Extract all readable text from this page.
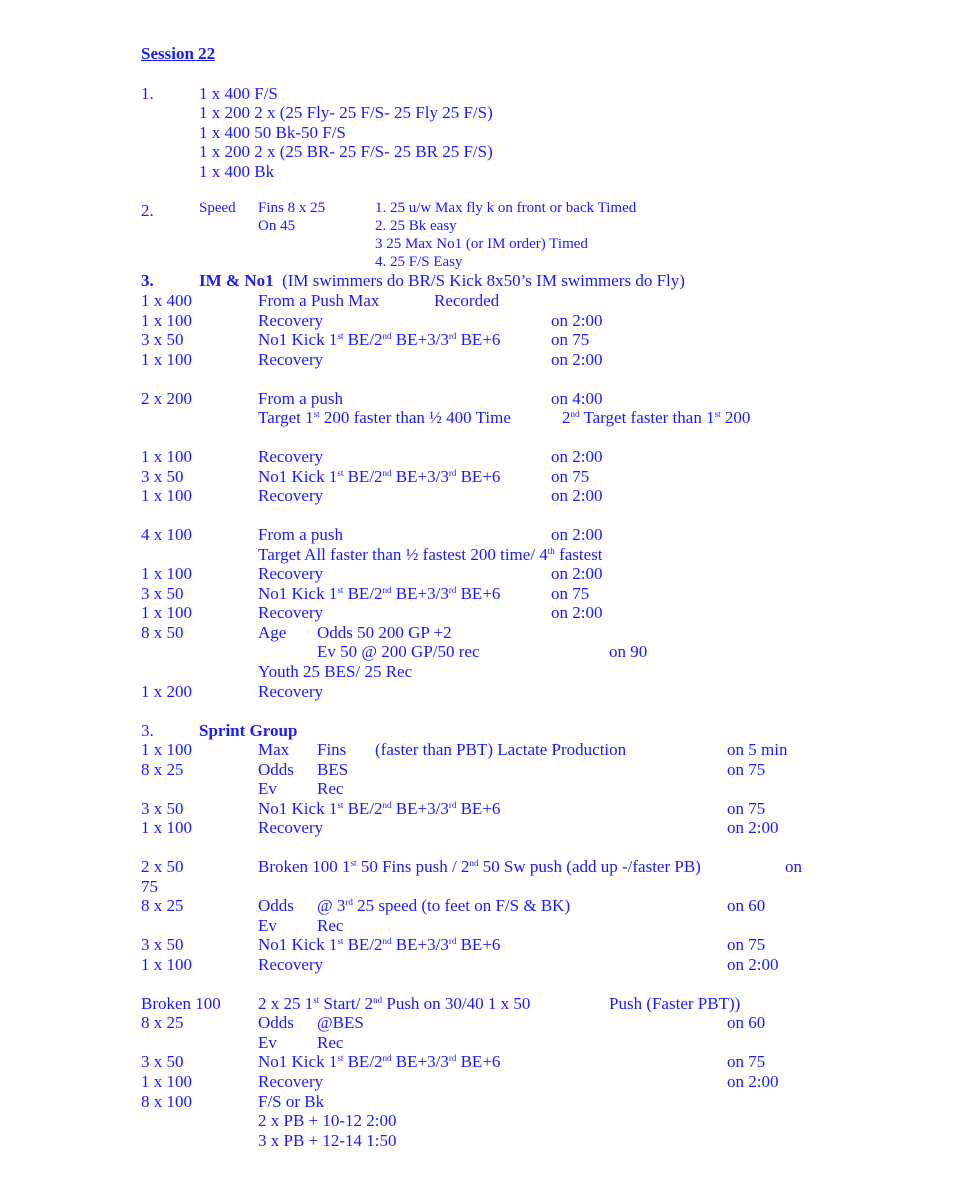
Session 22
1.	1 x 400 F/S
1 x 200 2 x (25 Fly- 25 F/S- 25 Fly 25 F/S)
1 x 400 50 Bk-50 F/S
1 x 200 2 x (25 BR- 25 F/S- 25 BR 25 F/S)
1 x 400 Bk
2.	Speed Fins 8 x 25
On 45
1. 25 u/w Max fly k on front or back Timed
2. 25 Bk easy
3 25 Max No1 (or IM order) Timed
4. 25 F/S Easy
3.	IM & No1 (IM swimmers do BR/S Kick 8x50’s IM swimmers do Fly)
1 x 400	From a Push Max	Recorded
1 x 100	Recovery	on 2:00
3 x 50	No1 Kick 1st BE/2nd BE+3/3rd BE+6	on 75
1 x 100	Recovery	on 2:00
2 x 200	From a push	on 4:00
Target 1st 200 faster than ½ 400 Time	2nd Target faster than 1st 200
1 x 100	Recovery	on 2:00
3 x 50	No1 Kick 1st BE/2nd BE+3/3rd BE+6	on 75
1 x 100	Recovery	on 2:00
4 x 100	From a push	on 2:00
Target All faster than ½ fastest 200 time/ 4th fastest
1 x 100	Recovery	on 2:00
3 x 50	No1 Kick 1st BE/2nd BE+3/3rd BE+6	on 75
1 x 100	Recovery	on 2:00
8 x 50	Age Odds 50 200 GP +2
Ev 50 @ 200 GP/50 rec	on 90
Youth 25 BES/ 25 Rec
1 x 200	Recovery
3.	Sprint Group
1 x 100	Max Fins (faster than PBT) Lactate Production	on 5 min
8 x 25	Odds BES	on 75
Ev Rec
3 x 50	No1 Kick 1st BE/2nd BE+3/3rd BE+6	on 75
1 x 100	Recovery	on 2:00
2 x 50	Broken 100 1st 50 Fins push / 2nd 50 Sw push (add up -/faster PB)	on
75
8 x 25	Odds @ 3rd 25 speed (to feet on F/S & BK)	on 60
Ev Rec
3 x 50	No1 Kick 1st BE/2nd BE+3/3rd BE+6	on 75
1 x 100	Recovery	on 2:00
Broken 100 2 x 25 1st Start/ 2nd Push on 30/40 1 x 50	Push (Faster PBT))
8 x 25	Odds @BES	on 60
Ev Rec
3 x 50	No1 Kick 1st BE/2nd BE+3/3rd BE+6	on 75
1 x 100	Recovery	on 2:00
8 x 100	F/S or Bk
2 x PB + 10-12 2:00
3 x PB + 12-14 1:50
